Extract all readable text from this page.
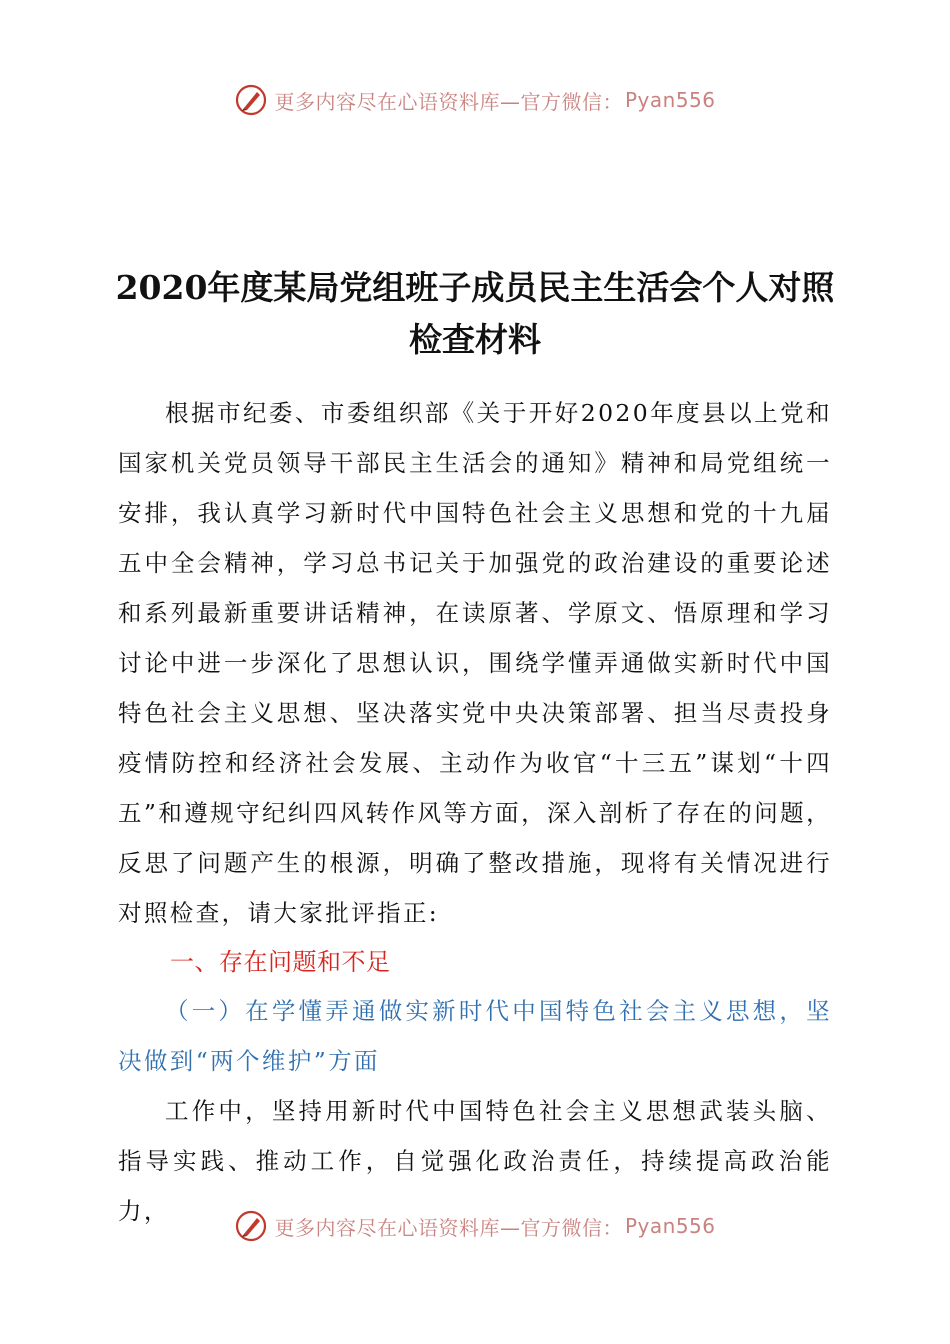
更多内容尽在心语资料库—官方微信： Pyan556
2020年度某局党组班子成员民主生活会个人对照检查材料

根据市纪委、市委组织部《关于开好2020年度县以上党和国家机关党员领导干部民主生活会的通知》精神和局党组统一安排，我认真学习新时代中国特色社会主义思想和党的十九届五中全会精神，学习总书记关于加强党的政治建设的重要论述和系列最新重要讲话精神，在读原著、学原文、悟原理和学习讨论中进一步深化了思想认识，围绕学懂弄通做实新时代中国特色社会主义思想、坚决落实党中央决策部署、担当尽责投身疫情防控和经济社会发展、主动作为收官“十三五”谋划“十四五”和遵规守纪纠四风转作风等方面，深入剖析了存在的问题，反思了问题产生的根源，明确了整改措施，现将有关情况进行对照检查，请大家批评指正:

一、存在问题和不足

（一）在学懂弄通做实新时代中国特色社会主义思想，坚决做到“两个维护”方面

工作中，坚持用新时代中国特色社会主义思想武装头脑、指导实践、推动工作，自觉强化政治责任，持续提高政治能力，

更多内容尽在心语资料库—官方微信： Pyan556
